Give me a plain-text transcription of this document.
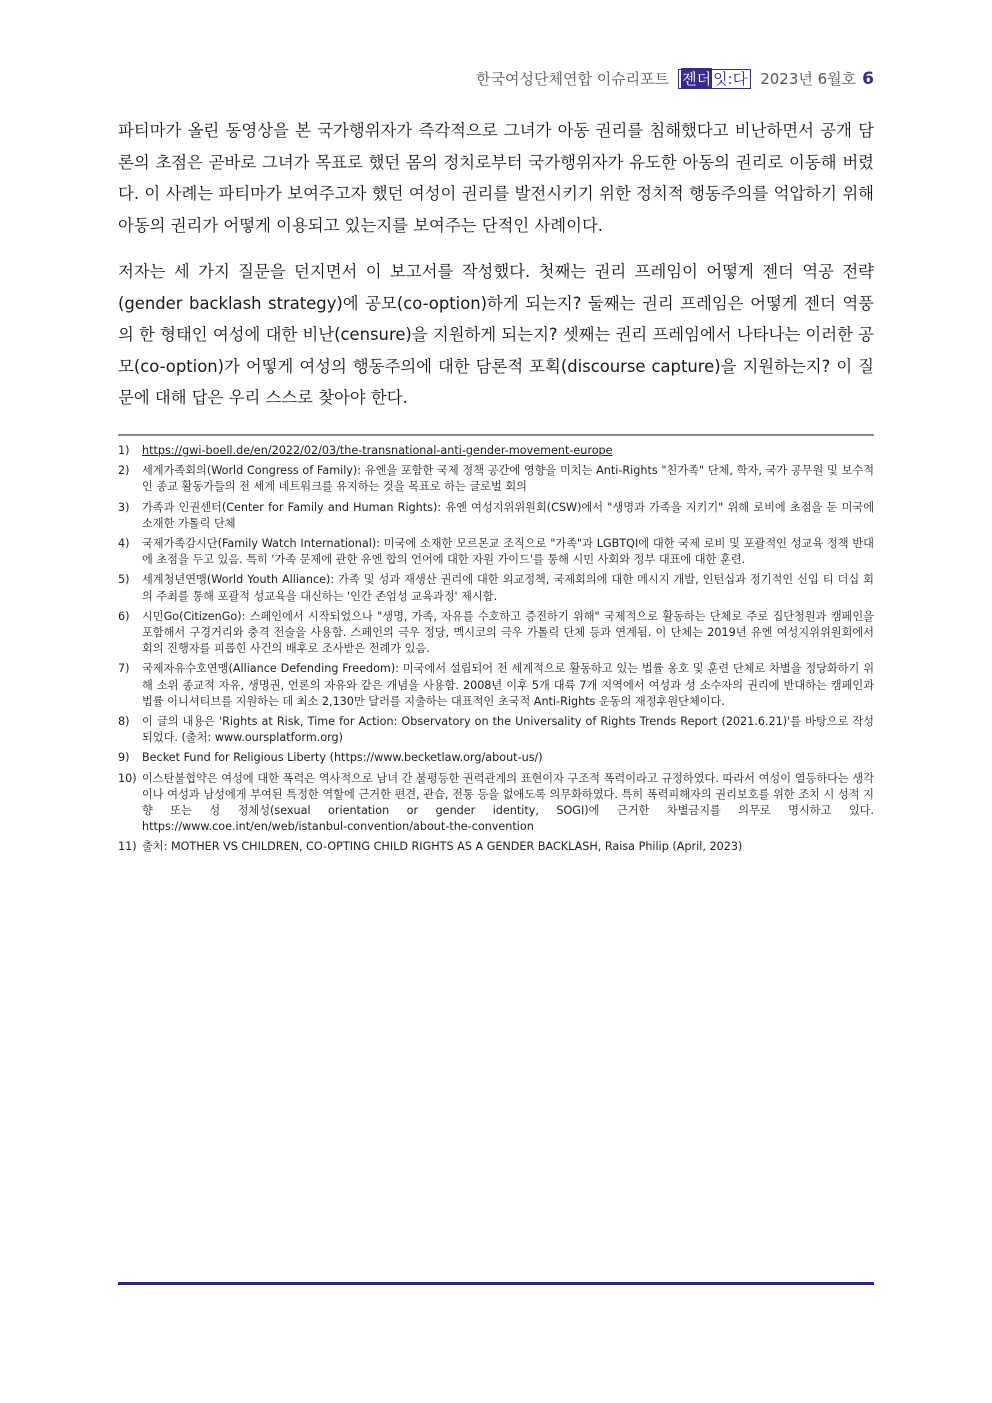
한국여성단체연합 이슈리포트 젠더 잇:다 2023년 6월호 6

파티마가 올린 동영상을 본 국가행위자가 즉각적으로 그녀가 아동 권리를 침해했다고 비난하면서 공개 담론의 초점은 곧바로 그녀가 목표로 했던 몸의 정치로부터 국가행위자가 유도한 아동의 권리로 이동해 버렸다. 이 사례는 파티마가 보여주고자 했던 여성이 권리를 발전시키기 위한 정치적 행동주의를 억압하기 위해 아동의 권리가 어떻게 이용되고 있는지를 보여주는 단적인 사례이다.

저자는 세 가지 질문을 던지면서 이 보고서를 작성했다. 첫째는 권리 프레임이 어떻게 젠더 역공 전략(gender backlash strategy)에 공모(co-option)하게 되는지? 둘째는 권리 프레임은 어떻게 젠더 역풍의 한 형태인 여성에 대한 비난(censure)을 지원하게 되는지? 셋째는 권리 프레임에서 나타나는 이러한 공모(co-option)가 어떻게 여성의 행동주의에 대한 담론적 포획(discourse capture)을 지원하는지? 이 질문에 대해 답은 우리 스스로 찾아야 한다.

1)	https://gwi-boell.de/en/2022/02/03/the-transnational-anti-gender-movement-europe
2)	세계가족회의(World Congress of Family): 유엔을 포함한 국제 정책 공간에 영향을 미치는 Anti-Rights "친가족" 단체, 학자, 국가 공무원 및 보수적인 종교 활동가들의 전 세계 네트워크를 유지하는 것을 목표로 하는 글로벌 회의
3)	가족과 인권센터(Center for Family and Human Rights): 유엔 여성지위위원회(CSW)에서 "생명과 가족을 지키기" 위해 로비에 초점을 둔 미국에 소재한 가톨릭 단체
4)	국제가족감시단(Family Watch International): 미국에 소재한 모르몬교 조직으로 "가족"과 LGBTQI에 대한 국제 로비 및 포괄적인 성교육 정책 반대에 초점을 두고 있음. 특히 '가족 문제에 관한 유엔 합의 언어에 대한 자원 가이드'를 통해 시민 사회와 정부 대표에 대한 훈련.
5)	세계청년연맹(World Youth Alliance): 가족 및 성과 재생산 권리에 대한 외교정책, 국제회의에 대한 메시지 개발, 인턴십과 정기적인 신입 티 더십 회의 주최를 통해 포괄적 성교육을 대신하는 '인간 존엄성 교육과정' 제시함.
6)	시민Go(CitizenGo): 스페인에서 시작되었으나 "생명, 가족, 자유를 수호하고 증진하기 위해" 국제적으로 활동하는 단체로 주로 집단청원과 캠페인을 포함해서 구경거리와 충격 전술을 사용함. 스페인의 극우 정당, 멕시코의 극우 가톨릭 단체 등과 연계됨. 이 단체는 2019년 유엔 여성지위위원회에서 회의 진행자를 피롭힌 사건의 배후로 조사받은 전례가 있음.
7)	국제자유수호연맹(Alliance Defending Freedom): 미국에서 설립되어 전 세계적으로 활동하고 있는 법률 옹호 및 훈련 단체로 차별을 정당화하기 위해 소위 종교적 자유, 생명권, 언론의 자유와 같은 개념을 사용함. 2008년 이후 5개 대륙 7개 지역에서 여성과 성 소수자의 권리에 반대하는 캠페인과 법률 이니셔티브를 지원하는 데 최소 2,130만 달러를 지출하는 대표적인 초국적 Anti-Rights 운동의 재정후원단체이다.
8)	이 글의 내용은 'Rights at Risk, Time for Action: Observatory on the Universality of Rights Trends Report (2021.6.21)'를 바탕으로 작성되었다. (출처: www.oursplatform.org)
9)	Becket Fund for Religious Liberty (https://www.becketlaw.org/about-us/)
10) 이스탄불협약은 여성에 대한 폭력은 역사적으로 남녀 간 불평등한 권력관계의 표현이자 구조적 폭력이라고 규정하였다. 따라서 여성이 열등하다는 생각이나 여성과 남성에게 부여된 특정한 역할에 근거한 편견, 관습, 전통 등을 없애도록 의무화하였다. 특히 폭력피해자의 권리보호를 위한 조치 시 성적 지향 또는 성 정체성(sexual orientation or gender identity, SOGI)에 근거한 차별금지를 의무로 명시하고 있다. https://www.coe.int/en/web/istanbul-convention/about-the-convention
11) 출처: MOTHER VS CHILDREN, CO-OPTING CHILD RIGHTS AS A GENDER BACKLASH, Raisa Philip (April, 2023)
